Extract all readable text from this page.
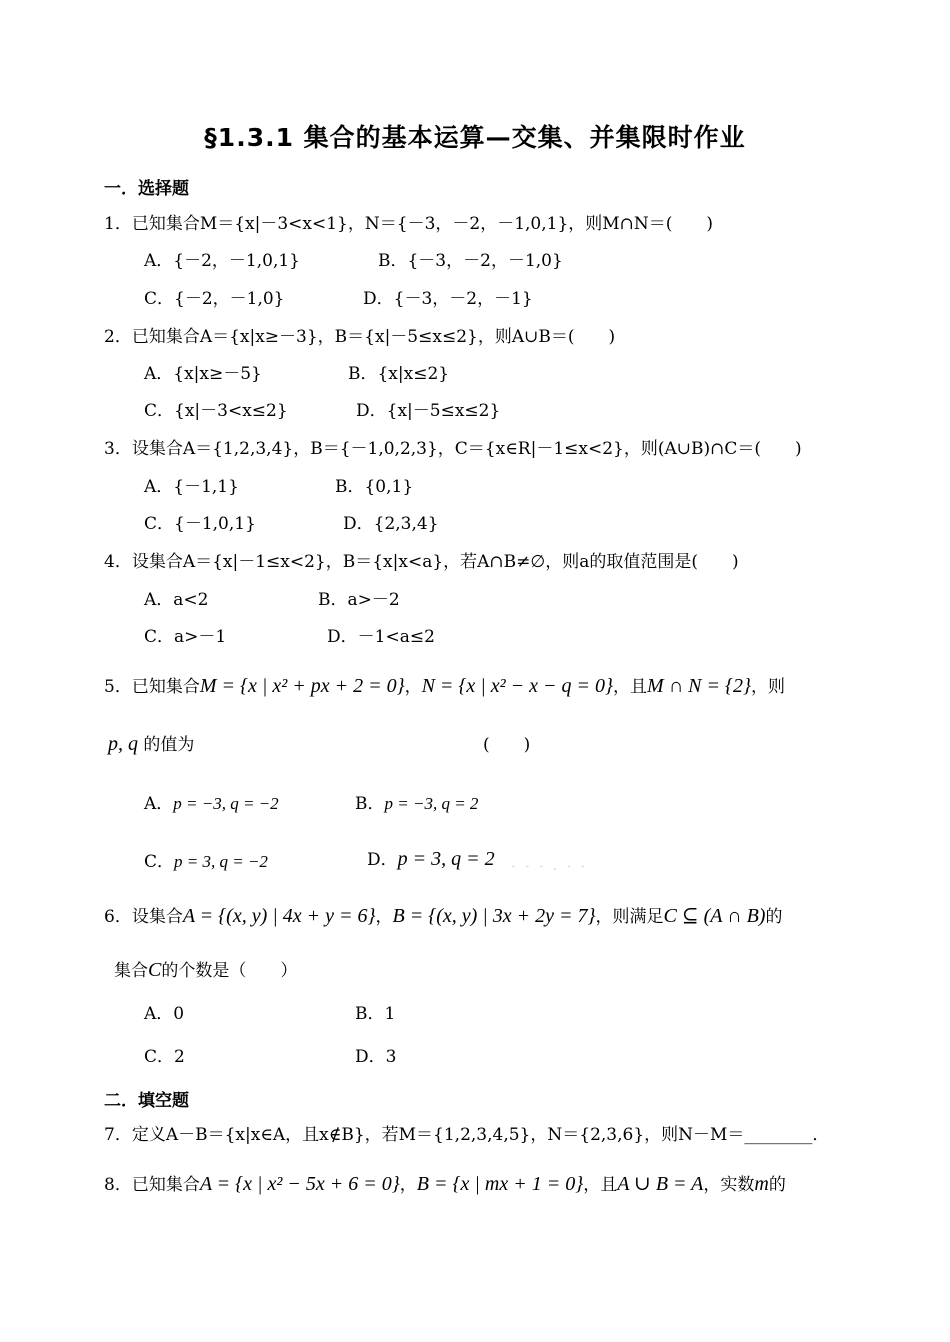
§1.3.1 集合的基本运算—交集、并集限时作业
一．选择题
1．已知集合M＝{x|－3<x<1}，N＝{－3，－2，－1,0,1}，则M∩N＝(　　)
A．{－2，－1,0,1}	B．{－3，－2，－1,0}
C．{－2，－1,0}	D．{－3，－2，－1}
2．已知集合A＝{x|x≥－3}，B＝{x|－5≤x≤2}，则A∪B＝(　　)
A．{x|x≥－5}	B．{x|x≤2}
C．{x|－3<x≤2}	D．{x|－5≤x≤2}
3．设集合A＝{1,2,3,4}，B＝{－1,0,2,3}，C＝{x∈R|－1≤x<2}，则(A∪B)∩C＝(　　)
A．{－1,1}	B．{0,1}
C．{－1,0,1}	D．{2,3,4}
4．设集合A＝{x|－1≤x<2}，B＝{x|x<a}，若A∩B≠∅，则a的取值范围是(　　)
A．a<2	B．a>－2
C．a>－1	D．－1<a≤2
5．已知集合M = {x | x² + px + 2 = 0}，N = {x | x² − x − q = 0}，且M ∩ N = {2}，则
p, q 的值为	(　　)
A．p = −3, q = −2	B．p = −3, q = 2
C．p = 3, q = −2	D．p = 3, q = 2 - - - , - -
6．设集合A = {(x, y) | 4x + y = 6}，B = {(x, y) | 3x + 2y = 7}，则满足C ⊆ (A ∩ B)的
集合C的个数是（　　）
A．0	B．1
C．2	D．3
二．填空题
7．定义A－B＝{x|x∈A，且x∉B}，若M＝{1,2,3,4,5}，N＝{2,3,6}，则N－M＝________．
8．已知集合A = {x | x² − 5x + 6 = 0}，B = {x | mx + 1 = 0}，且A ∪ B = A，实数m的
